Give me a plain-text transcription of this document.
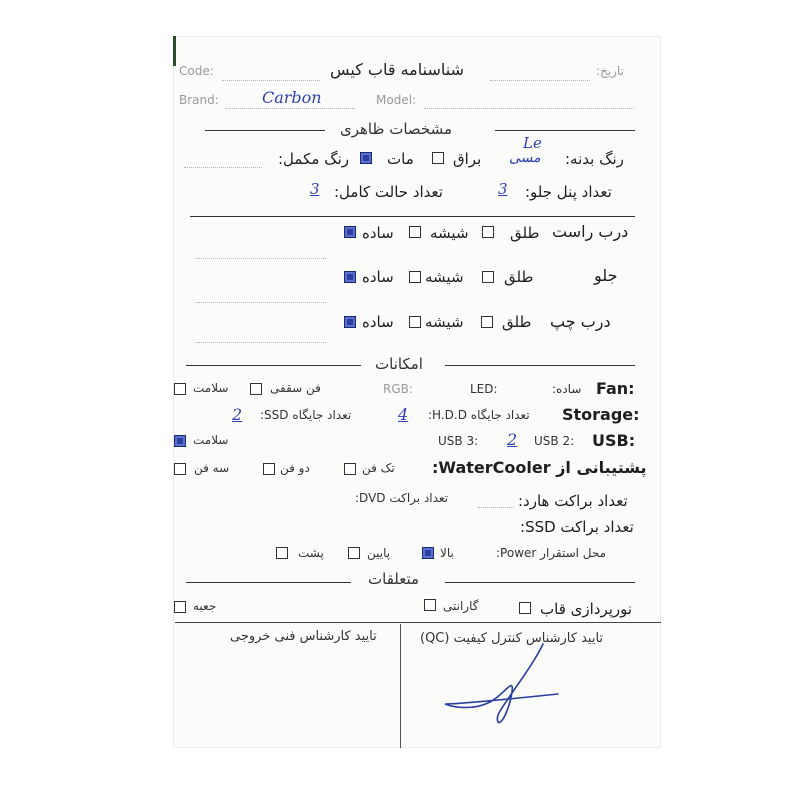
تاریخ:
شناسنامه قاب کیس
Code:
Brand:	Carbon	Model:
مشخصات ظاهری
رنگ بدنه:
Le
مسی
براق
مات
رنگ مکمل:
تعداد پنل جلو:
3
تعداد حالت کامل:
3
درب راست
طلق
شیشه
ساده
جلو
طلق
شیشه
ساده
درب چپ
طلق
شیشه
ساده
امکانات
Fan:
ساده:
LED:
RGB:
فن سقفی
سلامت
Storage:
تعداد جایگاه H.D.D:
4
تعداد جایگاه SSD:
2
USB:
USB 2:
2
USB 3:
سلامت
پشتیبانی از WaterCooler:
تک فن
دو فن
سه فن
تعداد براکت هارد:
تعداد براکت DVD:
تعداد براکت SSD:
محل استقرار Power:
بالا
پایین
پشت
متعلقات
نورپردازی قاب
گارانتی
جعبه
تایید کارشناس کنترل کیفیت (QC)
تایید کارشناس فنی خروجی
